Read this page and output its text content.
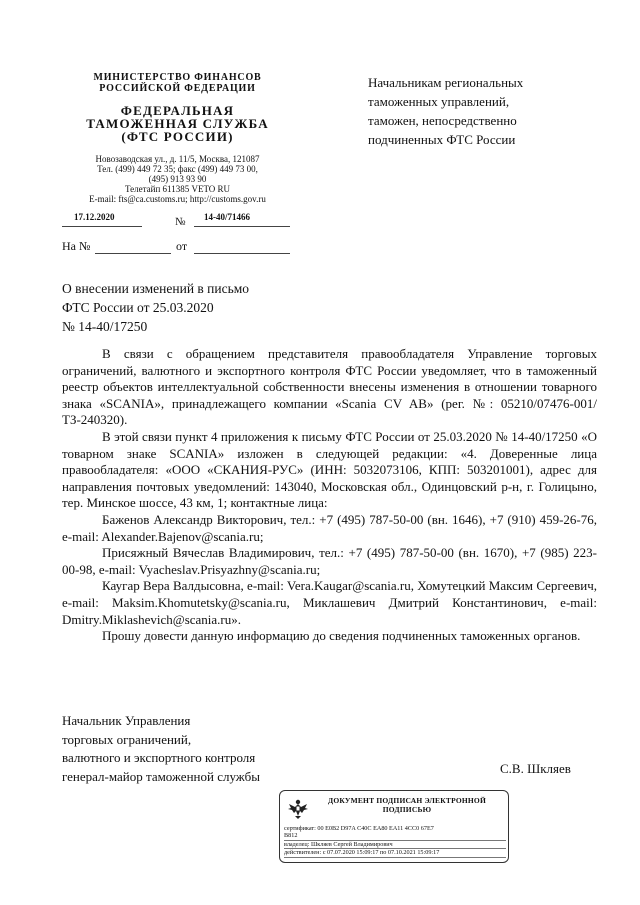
МИНИСТЕРСТВО ФИНАНСОВ РОССИЙСКОЙ ФЕДЕРАЦИИ
ФЕДЕРАЛЬНАЯ
ТАМОЖЕННАЯ СЛУЖБА
(ФТС РОССИИ)
Новозаводская ул., д. 11/5, Москва, 121087
Тел. (499) 449 72 35; факс (499) 449 73 00,
(495) 913 93 90
Телетайп 611385 VETO RU
E-mail: fts@ca.customs.ru; http://customs.gov.ru
17.12.2020	№ 14-40/71466
На №	от
Начальникам региональных
таможенных управлений,
таможен, непосредственно
подчиненных ФТС России
О внесении изменений в письмо
ФТС России от 25.03.2020
№ 14-40/17250

В связи с обращением представителя правообладателя Управление торговых ограничений, валютного и экспортного контроля ФТС России уведомляет, что в таможенный реестр объектов интеллектуальной собственности внесены изменения в отношении товарного знака «SCANIA», принадлежащего компании «Scania CV AB» (рег. №: 05210/07476-001/ТЗ-240320).

В этой связи пункт 4 приложения к письму ФТС России от 25.03.2020 № 14-40/17250 «О товарном знаке SCANIA» изложен в следующей редакции: «4. Доверенные лица правообладателя: «ООО «СКАНИЯ-РУС» (ИНН: 5032073106, КПП: 503201001), адрес для направления почтовых уведомлений: 143040, Московская обл., Одинцовский р-н, г. Голицыно, тер. Минское шоссе, 43 км, 1; контактные лица:

Баженов Александр Викторович, тел.: +7 (495) 787-50-00 (вн. 1646), +7 (910) 459-26-76, e-mail: Alexander.Bajenov@scania.ru;

Присяжный Вячеслав Владимирович, тел.: +7 (495) 787-50-00 (вн. 1670), +7 (985) 223-00-98, e-mail: Vyacheslav.Prisyazhny@scania.ru;

Каугар Вера Валдысовна, e-mail: Vera.Kaugar@scania.ru, Хомутецкий Максим Сергеевич, e-mail: Maksim.Khomutetsky@scania.ru, Миклашевич Дмитрий Константинович, e-mail: Dmitry.Miklashevich@scania.ru».

Прошу довести данную информацию до сведения подчиненных таможенных органов.

Начальник Управления
торговых ограничений,
валютного и экспортного контроля
генерал-майор таможенной службы	С.В. Шкляев
ДОКУМЕНТ ПОДПИСАН ЭЛЕКТРОННОЙ
ПОДПИСЬЮ
сертификат: 00 E0B2 D97A C40C EA80 EA11 4CC0 67E7
B812
владелец: Шкляев Сергей Владимирович
действителен: с 07.07.2020 15:09:17 по 07.10.2021 15:09:17
